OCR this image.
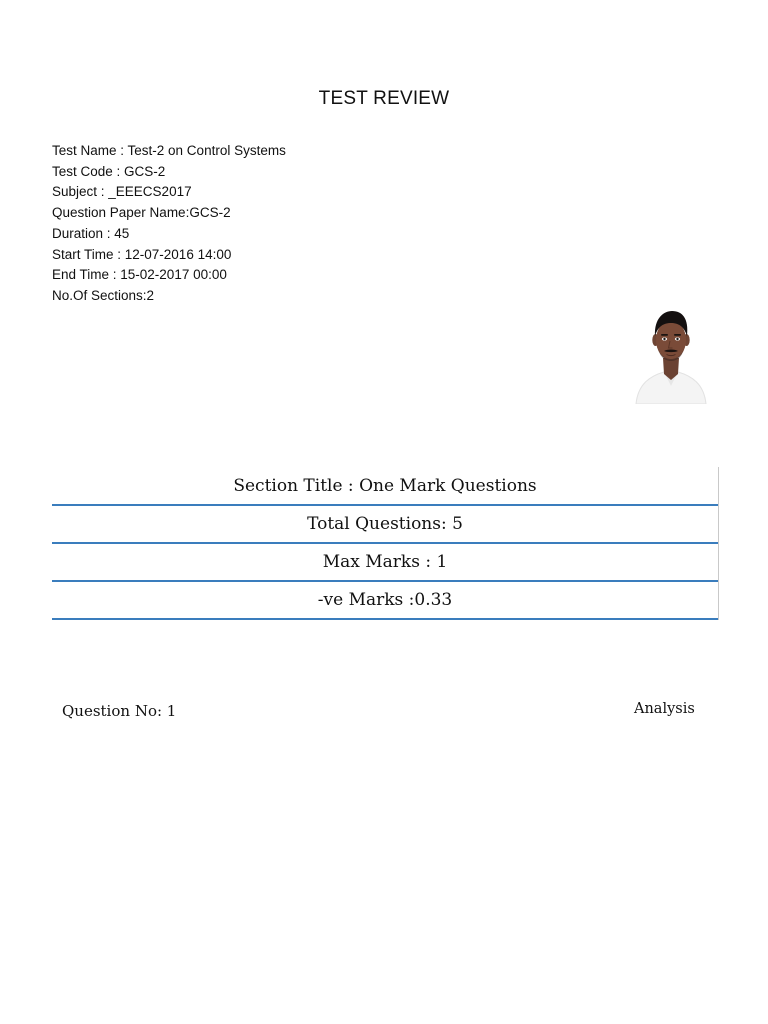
TEST REVIEW
Test Name : Test-2 on Control Systems
Test Code : GCS-2
Subject : _EEECS2017
Question Paper Name:GCS-2
Duration : 45
Start Time : 12-07-2016 14:00
End Time : 15-02-2017 00:00
No.Of Sections:2
Section Title : One Mark Questions
Total Questions: 5
Max Marks : 1
-ve Marks :0.33
Question No: 1	Analysis
